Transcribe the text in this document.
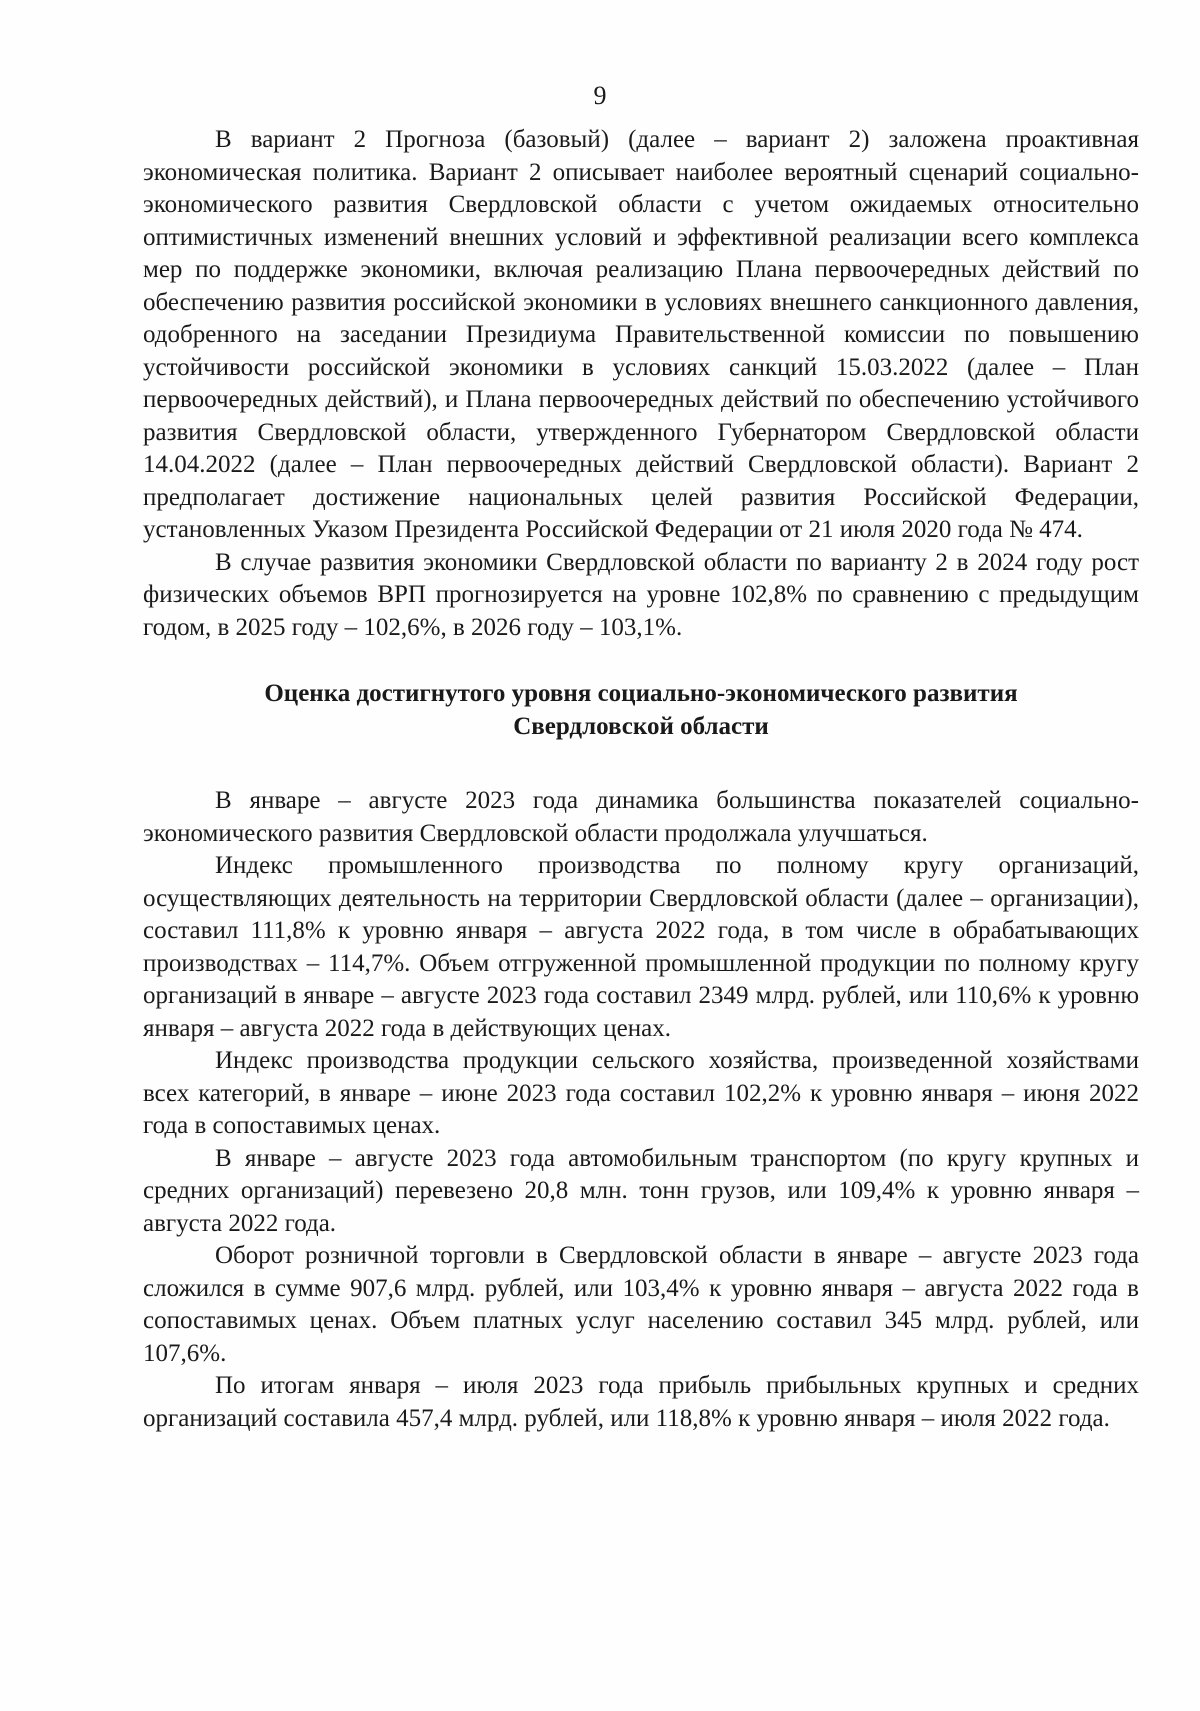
9

В вариант 2 Прогноза (базовый) (далее – вариант 2) заложена проактивная экономическая политика. Вариант 2 описывает наиболее вероятный сценарий социально-экономического развития Свердловской области с учетом ожидаемых относительно оптимистичных изменений внешних условий и эффективной реализации всего комплекса мер по поддержке экономики, включая реализацию Плана первоочередных действий по обеспечению развития российской экономики в условиях внешнего санкционного давления, одобренного на заседании Президиума Правительственной комиссии по повышению устойчивости российской экономики в условиях санкций 15.03.2022 (далее – План первоочередных действий), и Плана первоочередных действий по обеспечению устойчивого развития Свердловской области, утвержденного Губернатором Свердловской области 14.04.2022 (далее – План первоочередных действий Свердловской области). Вариант 2 предполагает достижение национальных целей развития Российской Федерации, установленных Указом Президента Российской Федерации от 21 июля 2020 года № 474.

В случае развития экономики Свердловской области по варианту 2 в 2024 году рост физических объемов ВРП прогнозируется на уровне 102,8% по сравнению с предыдущим годом, в 2025 году – 102,6%, в 2026 году – 103,1%.

Оценка достигнутого уровня социально-экономического развития
Свердловской области

В январе – августе 2023 года динамика большинства показателей социально-экономического развития Свердловской области продолжала улучшаться.

Индекс промышленного производства по полному кругу организаций, осуществляющих деятельность на территории Свердловской области (далее – организации), составил 111,8% к уровню января – августа 2022 года, в том числе в обрабатывающих производствах – 114,7%. Объем отгруженной промышленной продукции по полному кругу организаций в январе – августе 2023 года составил 2349 млрд. рублей, или 110,6% к уровню января – августа 2022 года в действующих ценах.

Индекс производства продукции сельского хозяйства, произведенной хозяйствами всех категорий, в январе – июне 2023 года составил 102,2% к уровню января – июня 2022 года в сопоставимых ценах.

В январе – августе 2023 года автомобильным транспортом (по кругу крупных и средних организаций) перевезено 20,8 млн. тонн грузов, или 109,4% к уровню января – августа 2022 года.

Оборот розничной торговли в Свердловской области в январе – августе 2023 года сложился в сумме 907,6 млрд. рублей, или 103,4% к уровню января – августа 2022 года в сопоставимых ценах. Объем платных услуг населению составил 345 млрд. рублей, или 107,6%.

По итогам января – июля 2023 года прибыль прибыльных крупных и средних организаций составила 457,4 млрд. рублей, или 118,8% к уровню января – июля 2022 года.
